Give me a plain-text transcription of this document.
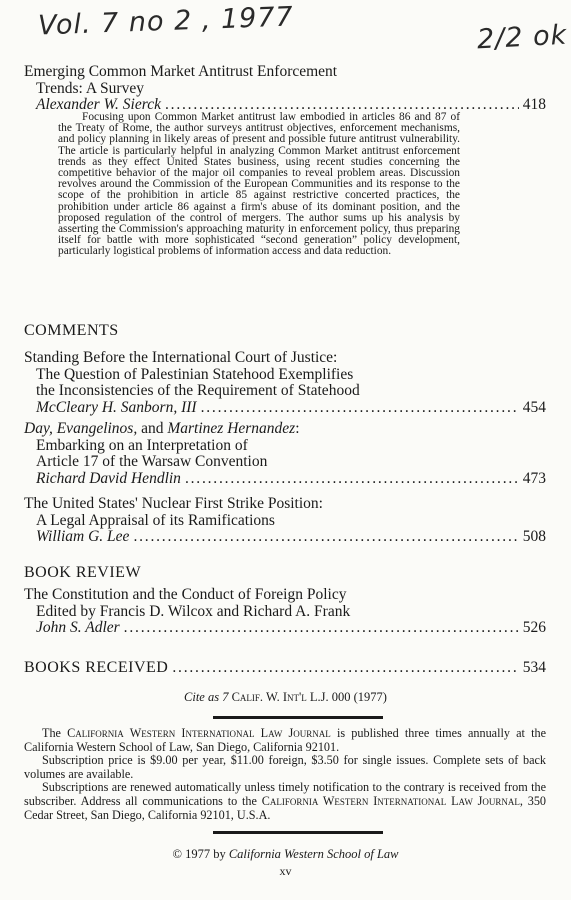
Vol. 7 no 2 , 1977	2/2 ok
Emerging Common Market Antitrust Enforcement
Trends: A Survey
Alexander W. Sierck .....	418
Focusing upon Common Market antitrust law embodied in articles 86 and 87 of the Treaty of Rome, the author surveys antitrust objectives, enforcement mechanisms, and policy planning in likely areas of present and possible future antitrust vulnerability. The article is particularly helpful in analyzing Common Market antitrust enforcement trends as they effect United States business, using recent studies concerning the competitive behavior of the major oil companies to reveal problem areas. Discussion revolves around the Commission of the European Communities and its response to the scope of the prohibition in article 85 against restrictive concerted practices, the prohibition under article 86 against a firm's abuse of its dominant position, and the proposed regulation of the control of mergers. The author sums up his analysis by asserting the Commission's approaching maturity in enforcement policy, thus preparing itself for battle with more sophisticated “second generation” policy development, particularly logistical problems of information access and data reduction.
COMMENTS
Standing Before the International Court of Justice:
The Question of Palestinian Statehood Exemplifies
the Inconsistencies of the Requirement of Statehood
McCleary H. Sanborn, III .....	454
Day, Evangelinos, and Martinez Hernandez:
Embarking on an Interpretation of
Article 17 of the Warsaw Convention
Richard David Hendlin .....	473
The United States' Nuclear First Strike Position:
A Legal Appraisal of its Ramifications
William G. Lee .....	508
BOOK REVIEW
The Constitution and the Conduct of Foreign Policy
Edited by Francis D. Wilcox and Richard A. Frank
John S. Adler .....	526
BOOKS RECEIVED .....	534
Cite as 7 Calif. W. Int'l L.J. 000 (1977)

The California Western International Law Journal is published three times annually at the California Western School of Law, San Diego, California 92101.

Subscription price is $9.00 per year, $11.00 foreign, $3.50 for single issues. Complete sets of back volumes are available.

Subscriptions are renewed automatically unless timely notification to the contrary is received from the subscriber. Address all communications to the California Western International Law Journal, 350 Cedar Street, San Diego, California 92101, U.S.A.

© 1977 by California Western School of Law
xv
